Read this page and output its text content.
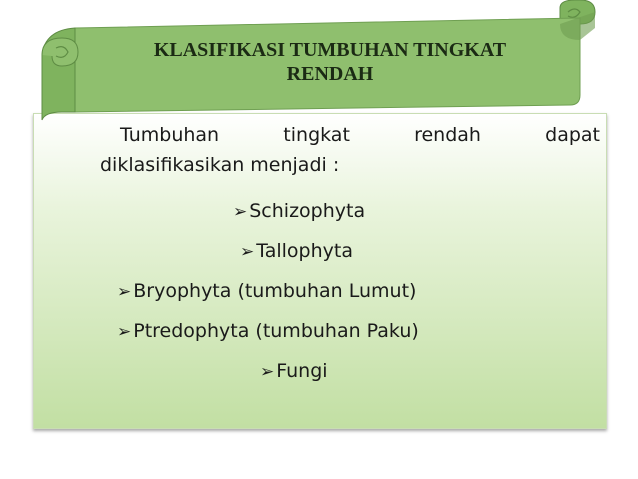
Tumbuhan	tingkat	rendah	dapat
diklasifikasikan menjadi :
➢ Schizophyta
➢ Tallophyta
➢ Bryophyta (tumbuhan Lumut)
➢ Ptredophyta (tumbuhan Paku)
➢ Fungi
KLASIFIKASI TUMBUHAN TINGKAT
RENDAH
